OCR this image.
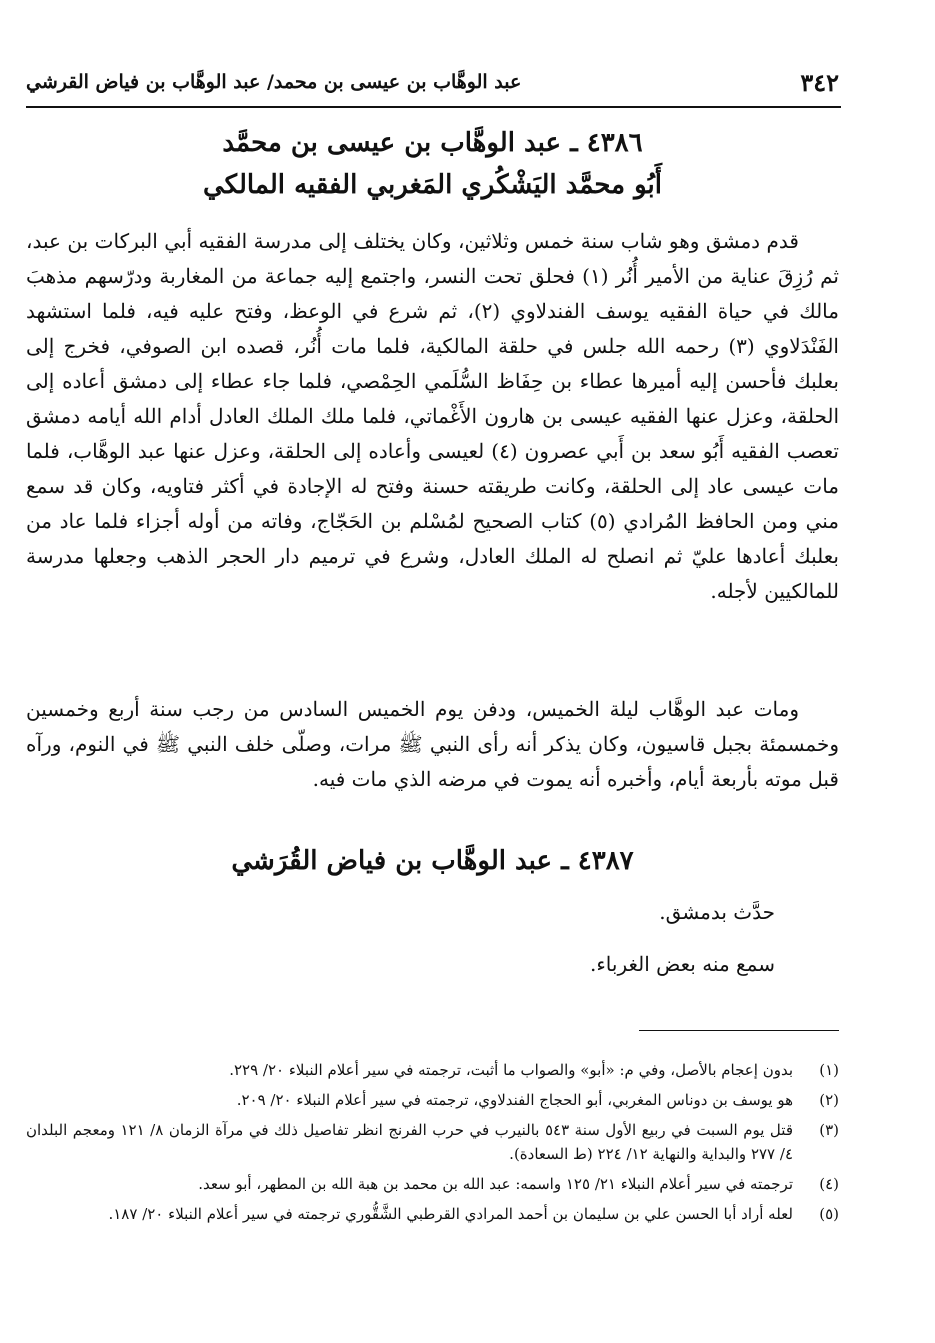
٣٤٢
عبد الوهَّاب بن عيسى بن محمد/ عبد الوهَّاب بن فياض القرشي
٤٣٨٦ ـ عبد الوهَّاب بن عيسى بن محمَّد
أَبُو محمَّد اليَشْكُري المَغربي الفقيه المالكي

قدم دمشق وهو شاب سنة خمس وثلاثين، وكان يختلف إلى مدرسة الفقيه أبي البركات بن عبد، ثم رُزِقَ عناية من الأمير أُنُر (١) فحلق تحت النسر، واجتمع إليه جماعة من المغاربة ودرّسهم مذهبَ مالك في حياة الفقيه يوسف الفندلاوي (٢)، ثم شرع في الوعظ، وفتح عليه فيه، فلما استشهد الفَنْدَلاوي (٣) رحمه الله جلس في حلقة المالكية، فلما مات أُنُر، قصده ابن الصوفي، فخرج إلى بعلبك فأحسن إليه أميرها عطاء بن حِفَاظ السُّلَمي الحِمْصي، فلما جاء عطاء إلى دمشق أعاده إلى الحلقة، وعزل عنها الفقيه عيسى بن هارون الأَغْماتي، فلما ملك الملك العادل أدام الله أيامه دمشق تعصب الفقيه أَبُو سعد بن أَبي عصرون (٤) لعيسى وأعاده إلى الحلقة، وعزل عنها عبد الوهَّاب، فلما مات عيسى عاد إلى الحلقة، وكانت طريقته حسنة وفتح له الإجادة في أكثر فتاويه، وكان قد سمع مني ومن الحافظ المُرادي (٥) كتاب الصحيح لمُسْلم بن الحَجّاج، وفاته من أوله أجزاء فلما عاد من بعلبك أعادها عليّ ثم انصلح له الملك العادل، وشرع في ترميم دار الحجر الذهب وجعلها مدرسة للمالكيين لأجله.

ومات عبد الوهَّاب ليلة الخميس، ودفن يوم الخميس السادس من رجب سنة أربع وخمسين وخمسمئة بجبل قاسيون، وكان يذكر أنه رأى النبي ﷺ مرات، وصلّى خلف النبي ﷺ في النوم، ورآه قبل موته بأربعة أيام، وأخبره أنه يموت في مرضه الذي مات فيه.

٤٣٨٧ ـ عبد الوهَّاب بن فياض القُرَشي
حدَّث بدمشق.
سمع منه بعض الغرباء.
(١)
بدون إعجام بالأصل، وفي م: «أبو» والصواب ما أثبت، ترجمته في سير أعلام النبلاء ٢٠/ ٢٢٩.
(٢)
هو يوسف بن دوناس المغربي، أبو الحجاج الفندلاوي، ترجمته في سير أعلام النبلاء ٢٠/ ٢٠٩.
(٣)
قتل يوم السبت في ربيع الأول سنة ٥٤٣ بالنيرب في حرب الفرنج انظر تفاصيل ذلك في مرآة الزمان ٨/ ١٢١ ومعجم البلدان ٤/ ٢٧٧ والبداية والنهاية ١٢/ ٢٢٤ (ط السعادة).
(٤)
ترجمته في سير أعلام النبلاء ٢١/ ١٢٥ واسمه: عبد الله بن محمد بن هبة الله بن المطهر، أبو سعد.
(٥)
لعله أراد أبا الحسن علي بن سليمان بن أحمد المرادي القرطبي الشَّقُّوري ترجمته في سير أعلام النبلاء ٢٠/ ١٨٧.
